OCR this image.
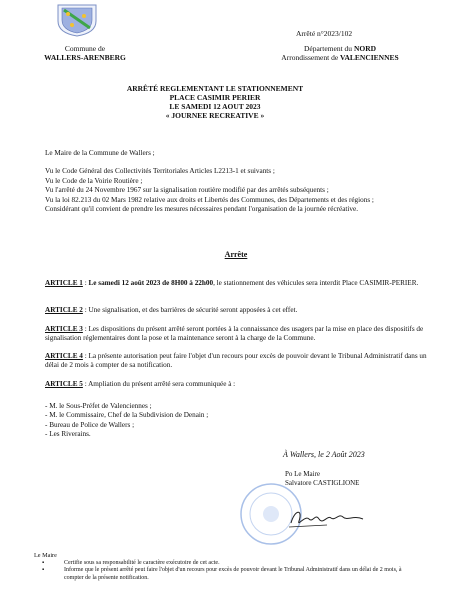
Commune de
WALLERS-ARENBERG
Arrêté n°2023/102
Département du NORD
Arrondissement de VALENCIENNES
ARRÊTÉ REGLEMENTANT LE STATIONNEMENT
PLACE CASIMIR PERIER
LE SAMEDI 12 AOUT 2023
« JOURNEE RECREATIVE »

Le Maire de la Commune de Wallers ;

Vu le Code Général des Collectivités Territoriales Articles L2213-1 et suivants ;

Vu le Code de la Voirie Routière ;

Vu l'arrêté du 24 Novembre 1967 sur la signalisation routière modifié par des arrêtés subséquents ;

Vu la loi 82.213 du 02 Mars 1982 relative aux droits et Libertés des Communes, des Départements et des régions ;

Considérant qu'il convient de prendre les mesures nécessaires pendant l'organisation de la journée récréative.

Arrête

ARTICLE 1 : Le samedi 12 août 2023 de 8H00 à 22h00, le stationnement des véhicules sera interdit Place CASIMIR-PERIER.

ARTICLE 2 : Une signalisation, et des barrières de sécurité seront apposées à cet effet.

ARTICLE 3 : Les dispositions du présent arrêté seront portées à la connaissance des usagers par la mise en place des dispositifs de signalisation réglementaires dont la pose et la maintenance seront à la charge de la Commune.

ARTICLE 4 : La présente autorisation peut faire l'objet d'un recours pour excès de pouvoir devant le Tribunal Administratif dans un délai de 2 mois à compter de sa notification.

ARTICLE 5 : Ampliation du présent arrêté sera communiquée à :

- M. le Sous-Préfet de Valenciennes ;

- M. le Commissaire, Chef de la Subdivision de Denain ;

- Bureau de Police de Wallers ;

- Les Riverains.

À Wallers, le 2 Août 2023
Po Le Maire
Salvatore CASTIGLIONE
Le Maire
▪	Certifie sous sa responsabilité le caractère exécutoire de cet acte.
▪	Informe que le présent arrêté peut faire l'objet d'un recours pour excès de pouvoir devant le Tribunal Administratif dans un délai de 2 mois, à compter de la présente notification.
